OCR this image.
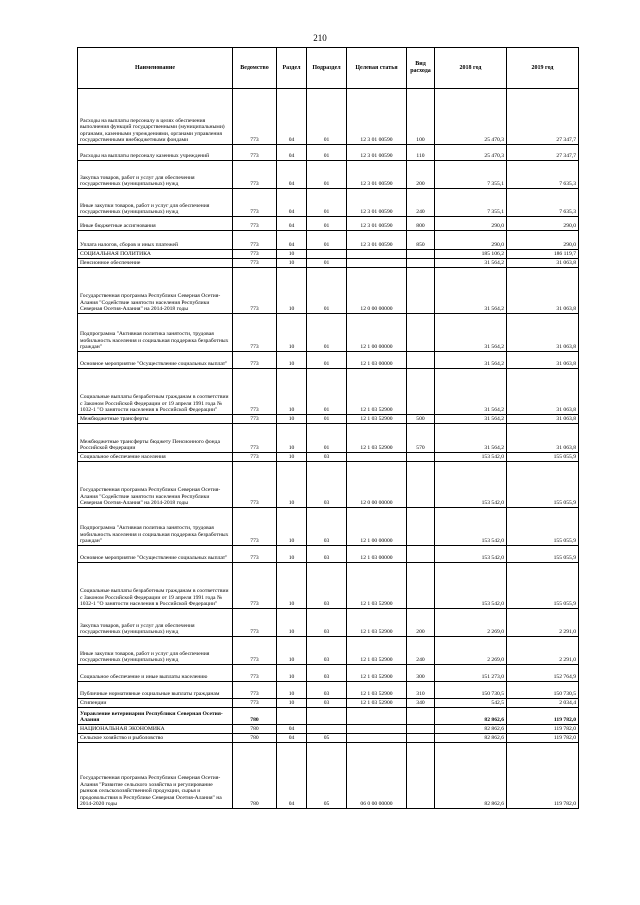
210
Наименование	Ведомство	Раздел	Подраздел	Целевая статья	Вид расхода	2018 год	2019 год
Расходы на выплаты персоналу в целях обеспечения выполнения функций государственными (муниципальными) органами, казенными учреждениями, органами управления государственными внебюджетными фондами	773	04	01	12 3 01 00590	100	25 470,3	27 347,7
Расходы на выплаты персоналу казенных учреждений	773	04	01	12 3 01 00590	110	25 470,3	27 347,7
Закупка товаров, работ и услуг для обеспечения государственных (муниципальных) нужд	773	04	01	12 3 01 00590	200	7 355,1	7 635,3
Иные закупки товаров, работ и услуг для обеспечения государственных (муниципальных) нужд	773	04	01	12 3 01 00590	240	7 355,1	7 635,3
Иные бюджетные ассигнования	773	04	01	12 3 01 00590	800	290,0	290,0
Уплата налогов, сборов и иных платежей	773	04	01	12 3 01 00590	850	290,0	290,0
СОЦИАЛЬНАЯ ПОЛИТИКА	773	10				185 106,2	186 119,7
Пенсионное обеспечение	773	10	01			31 564,2	31 063,8
Государственная программа Республики Северная Осетия-Алания "Содействие занятости населения Республики Северная Осетия-Алания" на 2014-2018 годы	773	10	01	12 0 00 00000		31 564,2	31 063,8
Подпрограмма "Активная политика занятости, трудовая мобильность населения и социальная поддержка безработных граждан"	773	10	01	12 1 00 00000		31 564,2	31 063,8
Основное мероприятие "Осуществление социальных выплат"	773	10	01	12 1 03 00000		31 564,2	31 063,8
Социальные выплаты безработным гражданам в соответствии с Законом Российской Федерации от 19 апреля 1991 года № 1032-1 "О занятости населения в Российской Федерации"	773	10	01	12 1 03 52900		31 564,2	31 063,8
Межбюджетные трансферты	773	10	01	12 1 03 52900	500	31 564,2	31 063,8
Межбюджетные трансферты бюджету Пенсионного фонда Российской Федерации	773	10	01	12 1 03 52900	570	31 564,2	31 063,8
Социальное обеспечение населения	773	10	03			153 542,0	155 055,9
Государственная программа Республики Северная Осетия-Алания "Содействие занятости населения Республики Северная Осетия-Алания" на 2014-2018 годы	773	10	03	12 0 00 00000		153 542,0	155 055,9
Подпрограмма "Активная политика занятости, трудовая мобильность населения и социальная поддержка безработных граждан"	773	10	03	12 1 00 00000		153 542,0	155 055,9
Основное мероприятие "Осуществление социальных выплат"	773	10	03	12 1 03 00000		153 542,0	155 055,9
Социальные выплаты безработным гражданам в соответствии с Законом Российской Федерации от 19 апреля 1991 года № 1032-1 "О занятости населения в Российской Федерации"	773	10	03	12 1 03 52900		153 542,0	155 055,9
Закупка товаров, работ и услуг для обеспечения государственных (муниципальных) нужд	773	10	03	12 1 03 52900	200	2 269,0	2 291,0
Иные закупки товаров, работ и услуг для обеспечения государственных (муниципальных) нужд	773	10	03	12 1 03 52900	240	2 269,0	2 291,0
Социальное обеспечение и иные выплаты населению	773	10	03	12 1 03 52900	300	151 273,0	152 764,9
Публичные нормативные социальные выплаты гражданам	773	10	03	12 1 03 52900	310	150 730,5	150 730,5
Стипендии	773	10	03	12 1 03 52900	340	542,5	2 034,4
Управление ветеринарии Республики Северная Осетия-Алания	780					82 862,6	119 782,0
НАЦИОНАЛЬНАЯ ЭКОНОМИКА	780	04				82 862,6	119 782,0
Сельское хозяйство и рыболовство	780	04	05			82 862,6	119 782,0
Государственная программа Республики Северная Осетия-Алания "Развитие сельского хозяйства и регулирование рынков сельскохозяйственной продукции, сырья и продовольствия в Республике Северная Осетия-Алания" на 2014-2020 годы	780	04	05	06 0 00 00000		82 862,6	119 782,0
